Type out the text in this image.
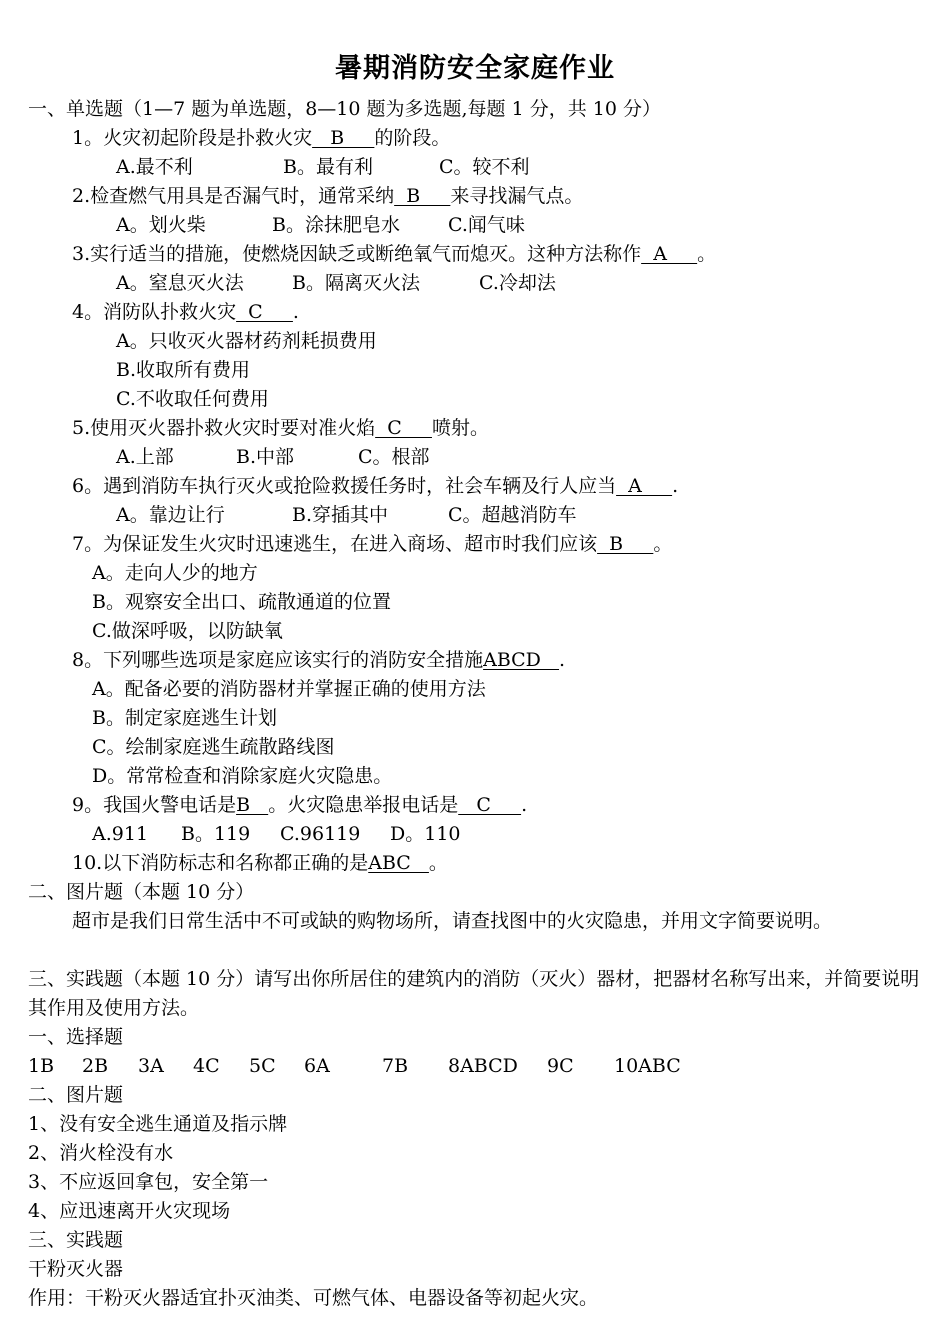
暑期消防安全家庭作业
一、单选题（1—7 题为单选题，8—10 题为多选题,每题 1 分，共 10 分）
1。火灾初起阶段是扑救火灾   B     的阶段。
A.最不利	B。最有利	C。较不利
2.检查燃气用具是否漏气时，通常采纳  B     来寻找漏气点。
A。划火柴	B。涂抹肥皂水	C.闻气味
3.实行适当的措施，使燃烧因缺乏或断绝氧气而熄灭。这种方法称作  A     。
A。窒息灭火法	B。隔离灭火法	C.冷却法
4。消防队扑救火灾  C     .
A。只收灭火器材药剂耗损费用
B.收取所有费用
C.不收取任何费用
5.使用灭火器扑救火灾时要对准火焰  C     喷射。
A.上部	B.中部	C。根部
6。遇到消防车执行灭火或抢险救援任务时，社会车辆及行人应当  A     .
A。靠边让行	B.穿插其中	C。超越消防车
7。为保证发生火灾时迅速逃生，在进入商场、超市时我们应该  B     。
A。走向人少的地方
B。观察安全出口、疏散通道的位置
C.做深呼吸，以防缺氧
8。下列哪些选项是家庭应该实行的消防安全措施ABCD   .
A。配备必要的消防器材并掌握正确的使用方法
B。制定家庭逃生计划
C。绘制家庭逃生疏散路线图
D。常常检查和消除家庭火灾隐患。
9。我国火警电话是B   。火灾隐患举报电话是   C     .
A.911 B。119 C.96119 D。110
10.以下消防标志和名称都正确的是ABC   。
二、图片题（本题 10 分）
超市是我们日常生活中不可或缺的购物场所，请查找图中的火灾隐患，并用文字简要说明。
三、实践题（本题 10 分）请写出你所居住的建筑内的消防（灭火）器材，把器材名称写出来，并简要说明其作用及使用方法。
一、选择题
1B 2B 3A 4C 5C 6A	7B 8ABCD 9C 10ABC
二、图片题
1、没有安全逃生通道及指示牌
2、消火栓没有水
3、不应返回拿包，安全第一
4、应迅速离开火灾现场
三、实践题
干粉灭火器
作用：干粉灭火器适宜扑灭油类、可燃气体、电器设备等初起火灾。
